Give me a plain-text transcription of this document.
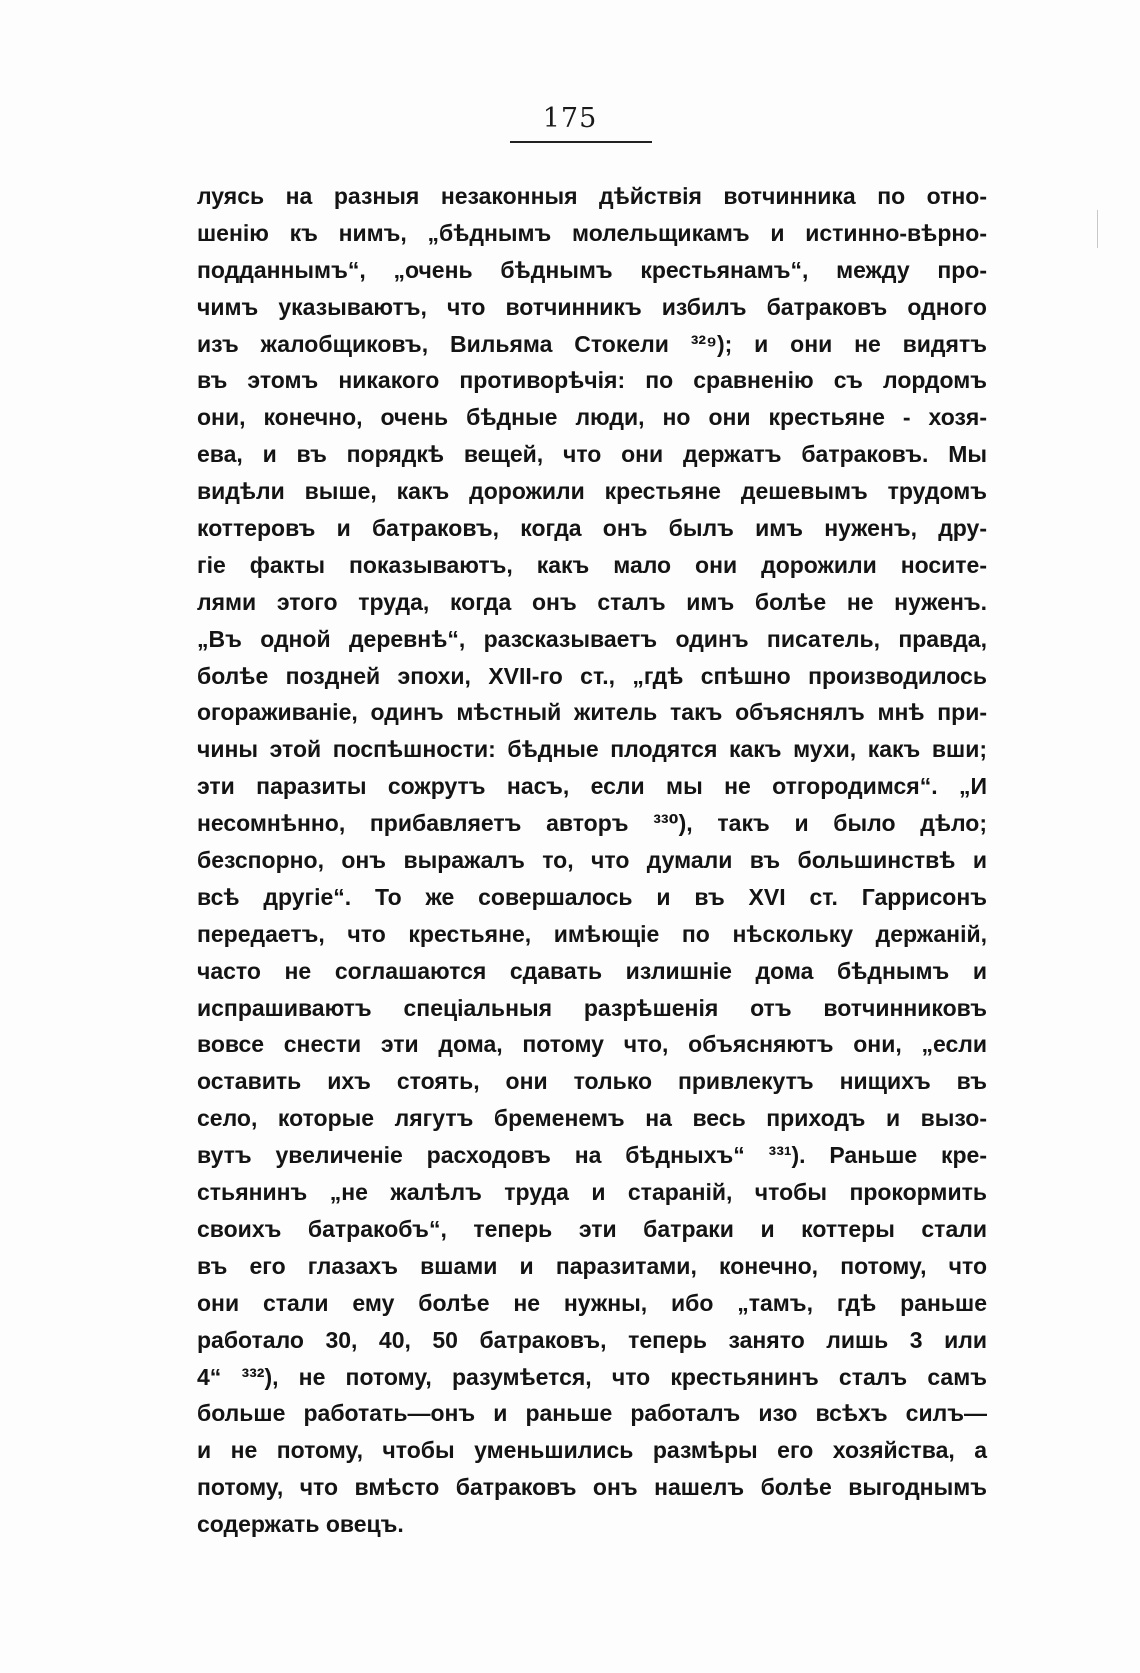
175
луясь на разныя незаконныя дѣйствія вотчинника по отно-
шенію къ нимъ, „бѣднымъ молельщикамъ и истинно-вѣрно-
подданнымъ“, „очень бѣднымъ крестьянамъ“, между про-
чимъ указываютъ, что вотчинникъ избилъ батраковъ одного
изъ жалобщиковъ, Вильяма Стокели ³²⁹); и они не видятъ
въ этомъ никакого противорѣчія: по сравненію съ лордомъ
они, конечно, очень бѣдные люди, но они крестьяне - хозя-
ева, и въ порядкѣ вещей, что они держатъ батраковъ. Мы
видѣли выше, какъ дорожили крестьяне дешевымъ трудомъ
коттеровъ и батраковъ, когда онъ былъ имъ нуженъ, дру-
гіе факты показываютъ, какъ мало они дорожили носите-
лями этого труда, когда онъ сталъ имъ болѣе не нуженъ.
„Въ одной деревнѣ“, разсказываетъ одинъ писатель, правда,
болѣе поздней эпохи, XVII-го ст., „гдѣ спѣшно производилось
огораживаніе, одинъ мѣстный житель такъ объяснялъ мнѣ при-
чины этой поспѣшности: бѣдные плодятся какъ мухи, какъ вши;
эти паразиты сожрутъ насъ, если мы не отгородимся“. „И
несомнѣнно, прибавляетъ авторъ ³³⁰), такъ и было дѣло;
безспорно, онъ выражалъ то, что думали въ большинствѣ и
всѣ другіе“. То же совершалось и въ XVI ст. Гаррисонъ
передаетъ, что крестьяне, имѣющіе по нѣскольку держаній,
часто не соглашаются сдавать излишніе дома бѣднымъ и
испрашиваютъ спеціальныя разрѣшенія отъ вотчинниковъ
вовсе снести эти дома, потому что, объясняютъ они, „если
оставить ихъ стоять, они только привлекутъ нищихъ въ
село, которые лягутъ бременемъ на весь приходъ и вызо-
вутъ увеличеніе расходовъ на бѣдныхъ“ ³³¹). Раньше кре-
стьянинъ „не жалѣлъ труда и стараній, чтобы прокормить
своихъ батракобъ“, теперь эти батраки и коттеры стали
въ его глазахъ вшами и паразитами, конечно, потому, что
они стали ему болѣе не нужны, ибо „тамъ, гдѣ раньше
работало 30, 40, 50 батраковъ, теперь занято лишь 3 или
4“ ³³²), не потому, разумѣется, что крестьянинъ сталъ самъ
больше работать—онъ и раньше работалъ изо всѣхъ силъ—
и не потому, чтобы уменьшились размѣры его хозяйства, а
потому, что вмѣсто батраковъ онъ нашелъ болѣе выгоднымъ
содержать овецъ.
